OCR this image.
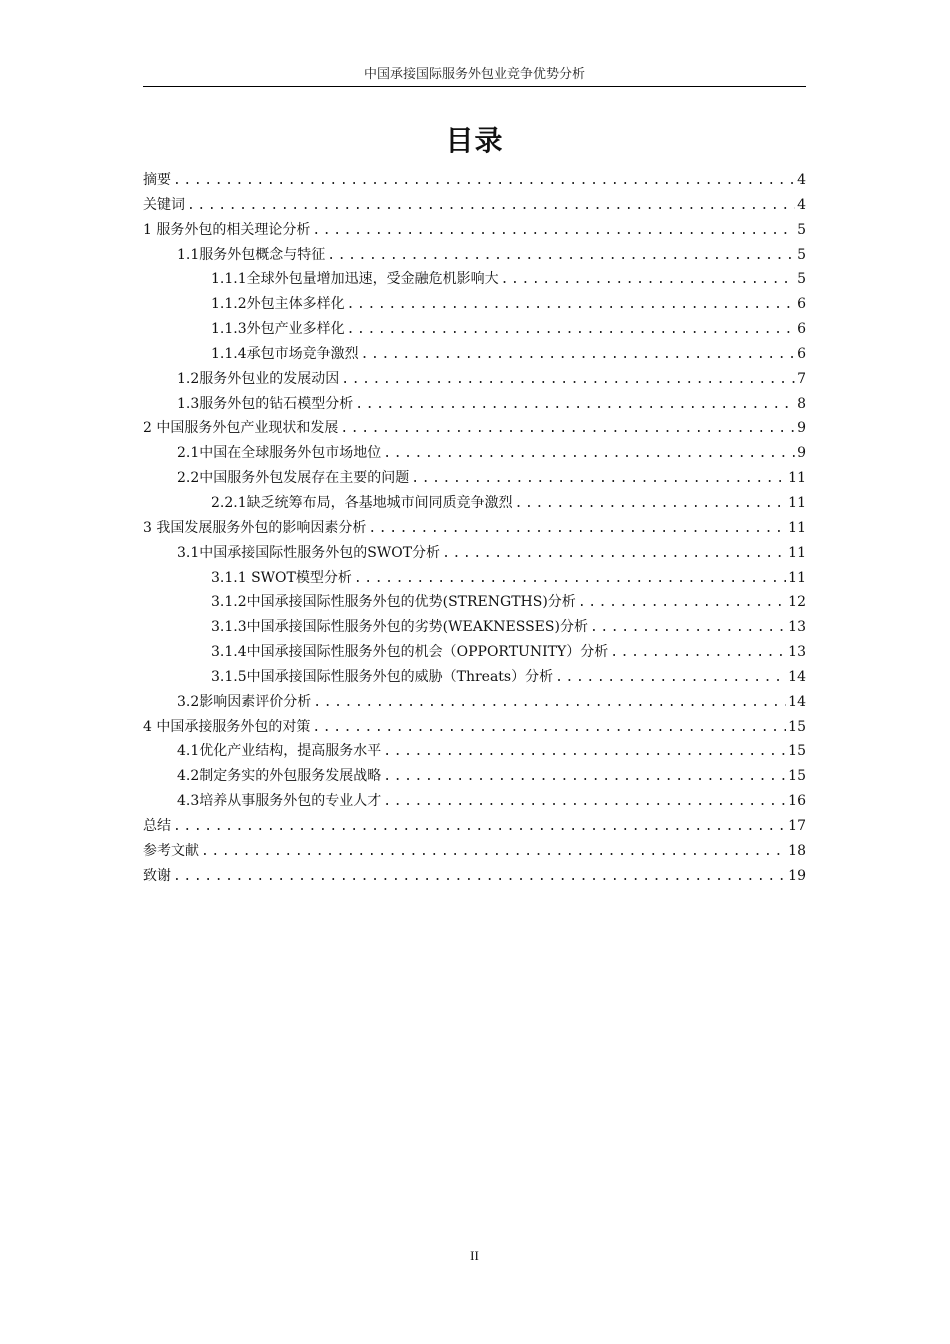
中国承接国际服务外包业竞争优势分析
目录
摘要 .....	4
关键词 .....	4
1 服务外包的相关理论分析 .....	5
1.1服务外包概念与特征 .....	5
1.1.1全球外包量增加迅速，受金融危机影响大 .....	5
1.1.2外包主体多样化 .....	6
1.1.3外包产业多样化 .....	6
1.1.4承包市场竞争激烈 .....	6
1.2服务外包业的发展动因 .....	7
1.3服务外包的钻石模型分析 .....	8
2 中国服务外包产业现状和发展 .....	9
2.1中国在全球服务外包市场地位 .....	9
2.2中国服务外包发展存在主要的问题 .....	11
2.2.1缺乏统筹布局，各基地城市间同质竞争激烈 .....	11
3 我国发展服务外包的影响因素分析 .....	11
3.1中国承接国际性服务外包的SWOT分析 .....	11
3.1.1 SWOT模型分析 .....	11
3.1.2中国承接国际性服务外包的优势(STRENGTHS)分析 .....	12
3.1.3中国承接国际性服务外包的劣势(WEAKNESSES)分析 .....	13
3.1.4中国承接国际性服务外包的机会（OPPORTUNITY）分析 .....	13
3.1.5中国承接国际性服务外包的威胁（Threats）分析 .....	14
3.2影响因素评价分析 .....	14
4 中国承接服务外包的对策 .....	15
4.1优化产业结构，提高服务水平 .....	15
4.2制定务实的外包服务发展战略 .....	15
4.3培养从事服务外包的专业人才 .....	16
总结 .....	17
参考文献 .....	18
致谢 .....	19
II
